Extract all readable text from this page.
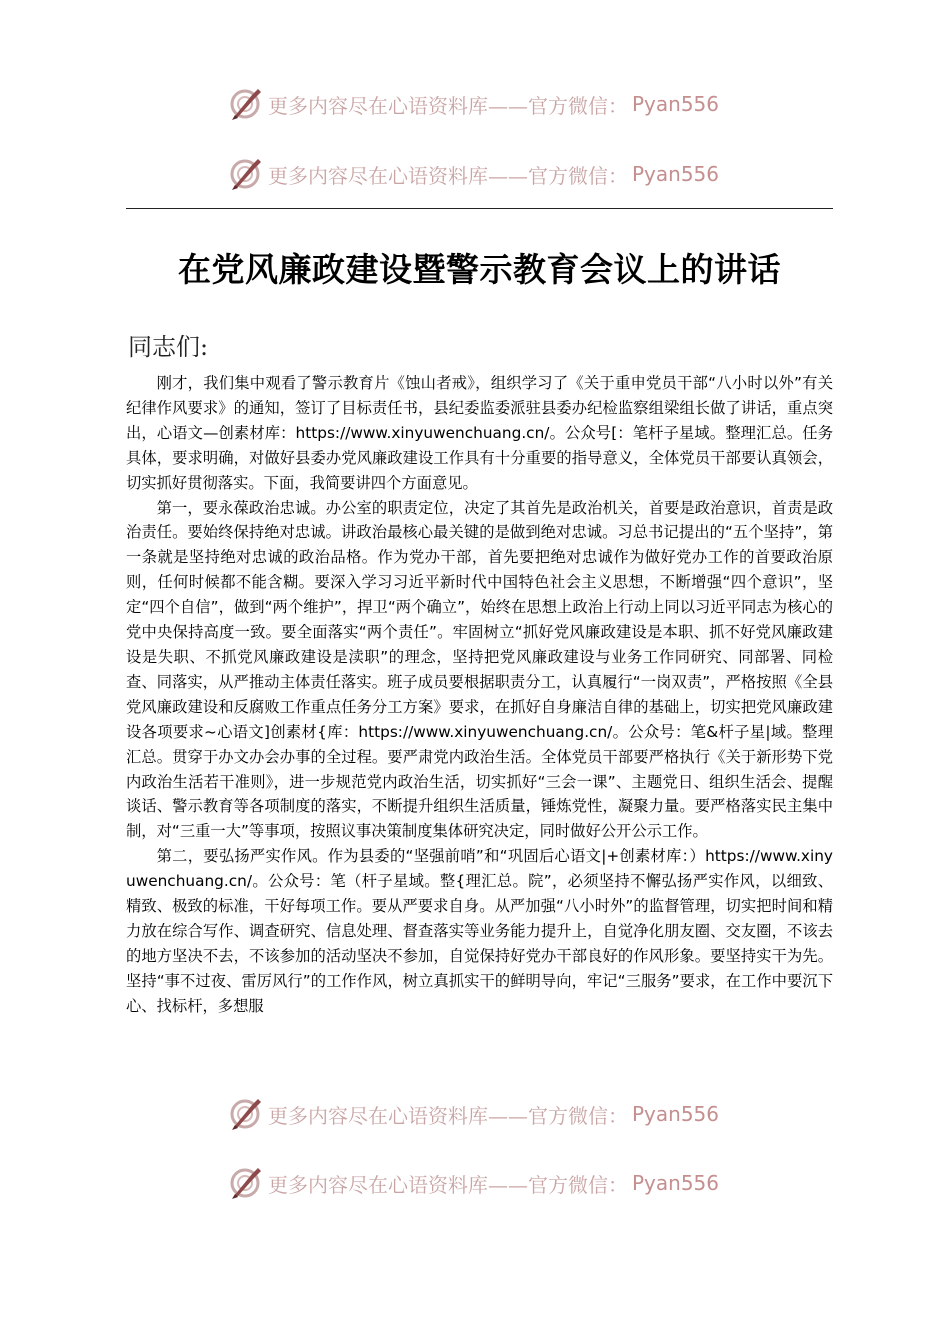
更多内容尽在心语资料库——官方微信： Pyan556
更多内容尽在心语资料库——官方微信： Pyan556
在党风廉政建设暨警示教育会议上的讲话

同志们:

刚才，我们集中观看了警示教育片《蚀山者戒》，组织学习了《关于重申党员干部“八小时以外”有关纪律作风要求》的通知，签订了目标责任书，县纪委监委派驻县委办纪检监察组梁组长做了讲话，重点突出，心语文—创素材库：https://www.xinyuwenchuang.cn/。公众号[：笔杆子星域。整理汇总。任务具体，要求明确，对做好县委办党风廉政建设工作具有十分重要的指导意义，全体党员干部要认真领会，切实抓好贯彻落实。下面，我简要讲四个方面意见。

第一，要永葆政治忠诚。办公室的职责定位，决定了其首先是政治机关，首要是政治意识，首责是政治责任。要始终保持绝对忠诚。讲政治最核心最关键的是做到绝对忠诚。习总书记提出的“五个坚持”，第一条就是坚持绝对忠诚的政治品格。作为党办干部，首先要把绝对忠诚作为做好党办工作的首要政治原则，任何时候都不能含糊。要深入学习习近平新时代中国特色社会主义思想，不断增强“四个意识”，坚定“四个自信”，做到“两个维护”，捍卫“两个确立”，始终在思想上政治上行动上同以习近平同志为核心的党中央保持高度一致。要全面落实“两个责任”。牢固树立“抓好党风廉政建设是本职、抓不好党风廉政建设是失职、不抓党风廉政建设是渎职”的理念，坚持把党风廉政建设与业务工作同研究、同部署、同检查、同落实，从严推动主体责任落实。班子成员要根据职责分工，认真履行“一岗双责”，严格按照《全县党风廉政建设和反腐败工作重点任务分工方案》要求，在抓好自身廉洁自律的基础上，切实把党风廉政建设各项要求~心语文]创素材{库：https://www.xinyuwenchuang.cn/。公众号：笔&杆子星|域。整理汇总。贯穿于办文办会办事的全过程。要严肃党内政治生活。全体党员干部要严格执行《关于新形势下党内政治生活若干准则》，进一步规范党内政治生活，切实抓好“三会一课”、主题党日、组织生活会、提醒谈话、警示教育等各项制度的落实，不断提升组织生活质量，锤炼党性，凝聚力量。要严格落实民主集中制，对“三重一大”等事项，按照议事决策制度集体研究决定，同时做好公开公示工作。

第二，要弘扬严实作风。作为县委的“坚强前哨”和“巩固后心语文|+创素材库：）https://www.xinyuwenchuang.cn/。公众号：笔（杆子星域。整{理汇总。院”，必须坚持不懈弘扬严实作风，以细致、精致、极致的标准，干好每项工作。要从严要求自身。从严加强“八小时外”的监督管理，切实把时间和精力放在综合写作、调查研究、信息处理、督查落实等业务能力提升上，自觉净化朋友圈、交友圈，不该去的地方坚决不去，不该参加的活动坚决不参加，自觉保持好党办干部良好的作风形象。要坚持实干为先。坚持“事不过夜、雷厉风行”的工作作风，树立真抓实干的鲜明导向，牢记“三服务”要求，在工作中要沉下心、找标杆，多想服

更多内容尽在心语资料库——官方微信： Pyan556
更多内容尽在心语资料库——官方微信： Pyan556
